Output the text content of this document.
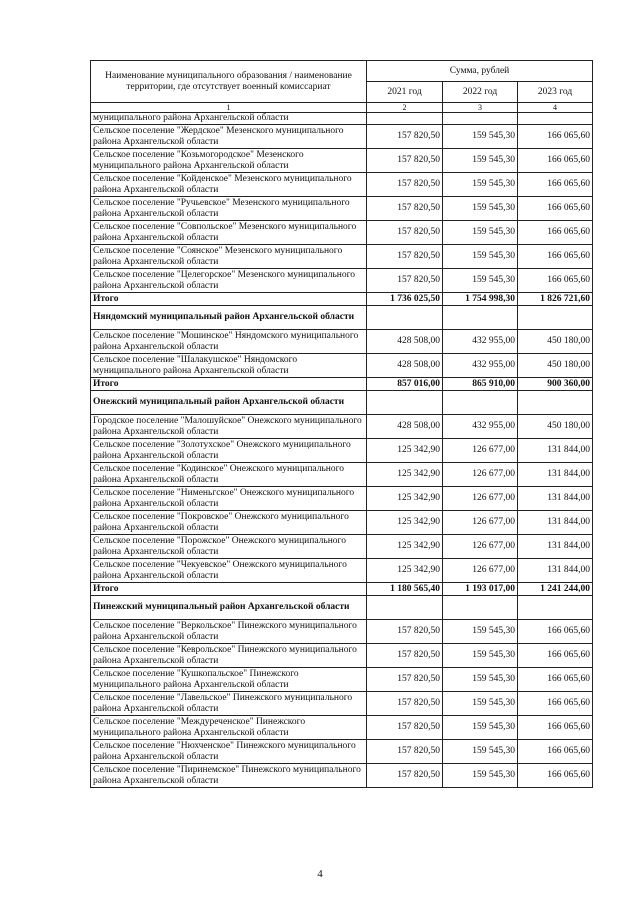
Наименование муниципального образования / наименование территории, где отсутствует военный комиссариат	Сумма, рублей		
	2021 год	2022 год	2023 год
1	2	3	4
муниципального района Архангельской области			
Сельское поселение "Жердское" Мезенского муниципального района Архангельской области	157 820,50	159 545,30	166 065,60
Сельское поселение "Козьмогородское" Мезенского муниципального района Архангельской области	157 820,50	159 545,30	166 065,60
Сельское поселение "Койденское" Мезенского муниципального района Архангельской области	157 820,50	159 545,30	166 065,60
Сельское поселение "Ручьевское" Мезенского муниципального района Архангельской области	157 820,50	159 545,30	166 065,60
Сельское поселение "Совпольское" Мезенского муниципального района Архангельской области	157 820,50	159 545,30	166 065,60
Сельское поселение "Соянское" Мезенского муниципального района Архангельской области	157 820,50	159 545,30	166 065,60
Сельское поселение "Целегорское" Мезенского муниципального района Архангельской области	157 820,50	159 545,30	166 065,60
Итого	1 736 025,50	1 754 998,30	1 826 721,60
Няндомский муниципальный район Архангельской области			
Сельское поселение "Мошинское" Няндомского муниципального района Архангельской области	428 508,00	432 955,00	450 180,00
Сельское поселение "Шалакушское" Няндомского муниципального района Архангельской области	428 508,00	432 955,00	450 180,00
Итого	857 016,00	865 910,00	900 360,00
Онежский муниципальный район Архангельской области			
Городское поселение "Малошуйское" Онежского муниципального района Архангельской области	428 508,00	432 955,00	450 180,00
Сельское поселение "Золотухское" Онежского муниципального района Архангельской области	125 342,90	126 677,00	131 844,00
Сельское поселение "Кодинское" Онежского муниципального района Архангельской области	125 342,90	126 677,00	131 844,00
Сельское поселение "Нименьгское" Онежского муниципального района Архангельской области	125 342,90	126 677,00	131 844,00
Сельское поселение "Покровское" Онежского муниципального района Архангельской области	125 342,90	126 677,00	131 844,00
Сельское поселение "Порожское" Онежского муниципального района Архангельской области	125 342,90	126 677,00	131 844,00
Сельское поселение "Чекуевское" Онежского муниципального района Архангельской области	125 342,90	126 677,00	131 844,00
Итого	1 180 565,40	1 193 017,00	1 241 244,00
Пинежский муниципальный район Архангельской области			
Сельское поселение "Веркольское" Пинежского муниципального района Архангельской области	157 820,50	159 545,30	166 065,60
Сельское поселение "Кеврольское" Пинежского муниципального района Архангельской области	157 820,50	159 545,30	166 065,60
Сельское поселение "Кушкопальское" Пинежского муниципального района Архангельской области	157 820,50	159 545,30	166 065,60
Сельское поселение "Лавельское" Пинежского муниципального района Архангельской области	157 820,50	159 545,30	166 065,60
Сельское поселение "Междуреченское" Пинежского муниципального района Архангельской области	157 820,50	159 545,30	166 065,60
Сельское поселение "Нюхченское" Пинежского муниципального района Архангельской области	157 820,50	159 545,30	166 065,60
Сельское поселение "Пиринемское" Пинежского муниципального района Архангельской области	157 820,50	159 545,30	166 065,60
4
